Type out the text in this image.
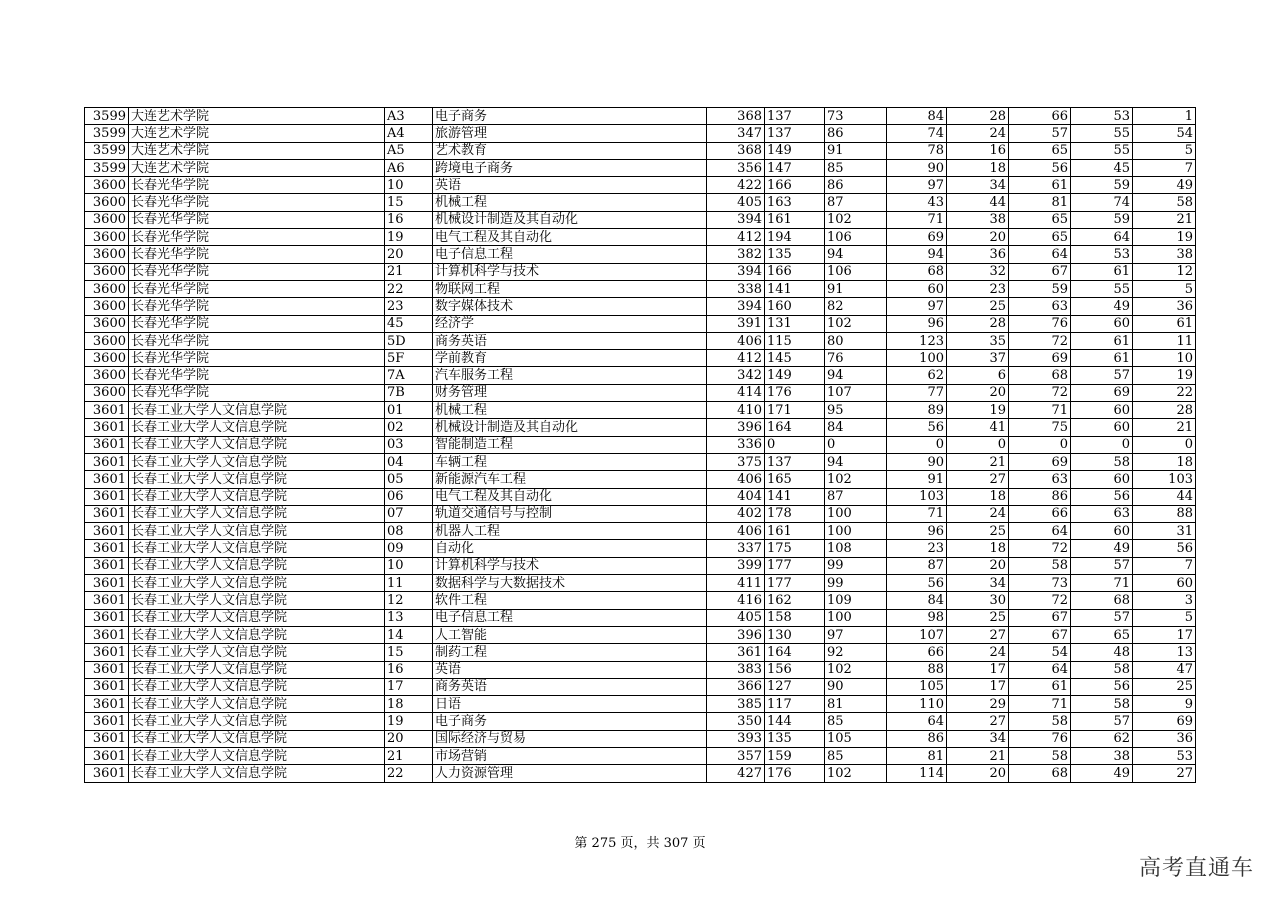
3599	大连艺术学院	A3	电子商务	368	137	73	84	28	66	53	1
3599	大连艺术学院	A4	旅游管理	347	137	86	74	24	57	55	54
3599	大连艺术学院	A5	艺术教育	368	149	91	78	16	65	55	5
3599	大连艺术学院	A6	跨境电子商务	356	147	85	90	18	56	45	7
3600	长春光华学院	10	英语	422	166	86	97	34	61	59	49
3600	长春光华学院	15	机械工程	405	163	87	43	44	81	74	58
3600	长春光华学院	16	机械设计制造及其自动化	394	161	102	71	38	65	59	21
3600	长春光华学院	19	电气工程及其自动化	412	194	106	69	20	65	64	19
3600	长春光华学院	20	电子信息工程	382	135	94	94	36	64	53	38
3600	长春光华学院	21	计算机科学与技术	394	166	106	68	32	67	61	12
3600	长春光华学院	22	物联网工程	338	141	91	60	23	59	55	5
3600	长春光华学院	23	数字媒体技术	394	160	82	97	25	63	49	36
3600	长春光华学院	45	经济学	391	131	102	96	28	76	60	61
3600	长春光华学院	5D	商务英语	406	115	80	123	35	72	61	11
3600	长春光华学院	5F	学前教育	412	145	76	100	37	69	61	10
3600	长春光华学院	7A	汽车服务工程	342	149	94	62	6	68	57	19
3600	长春光华学院	7B	财务管理	414	176	107	77	20	72	69	22
3601	长春工业大学人文信息学院	01	机械工程	410	171	95	89	19	71	60	28
3601	长春工业大学人文信息学院	02	机械设计制造及其自动化	396	164	84	56	41	75	60	21
3601	长春工业大学人文信息学院	03	智能制造工程	336	0	0	0	0	0	0	0
3601	长春工业大学人文信息学院	04	车辆工程	375	137	94	90	21	69	58	18
3601	长春工业大学人文信息学院	05	新能源汽车工程	406	165	102	91	27	63	60	103
3601	长春工业大学人文信息学院	06	电气工程及其自动化	404	141	87	103	18	86	56	44
3601	长春工业大学人文信息学院	07	轨道交通信号与控制	402	178	100	71	24	66	63	88
3601	长春工业大学人文信息学院	08	机器人工程	406	161	100	96	25	64	60	31
3601	长春工业大学人文信息学院	09	自动化	337	175	108	23	18	72	49	56
3601	长春工业大学人文信息学院	10	计算机科学与技术	399	177	99	87	20	58	57	7
3601	长春工业大学人文信息学院	11	数据科学与大数据技术	411	177	99	56	34	73	71	60
3601	长春工业大学人文信息学院	12	软件工程	416	162	109	84	30	72	68	3
3601	长春工业大学人文信息学院	13	电子信息工程	405	158	100	98	25	67	57	5
3601	长春工业大学人文信息学院	14	人工智能	396	130	97	107	27	67	65	17
3601	长春工业大学人文信息学院	15	制药工程	361	164	92	66	24	54	48	13
3601	长春工业大学人文信息学院	16	英语	383	156	102	88	17	64	58	47
3601	长春工业大学人文信息学院	17	商务英语	366	127	90	105	17	61	56	25
3601	长春工业大学人文信息学院	18	日语	385	117	81	110	29	71	58	9
3601	长春工业大学人文信息学院	19	电子商务	350	144	85	64	27	58	57	69
3601	长春工业大学人文信息学院	20	国际经济与贸易	393	135	105	86	34	76	62	36
3601	长春工业大学人文信息学院	21	市场营销	357	159	85	81	21	58	38	53
3601	长春工业大学人文信息学院	22	人力资源管理	427	176	102	114	20	68	49	27
第 275 页，共 307 页
高考直通车
